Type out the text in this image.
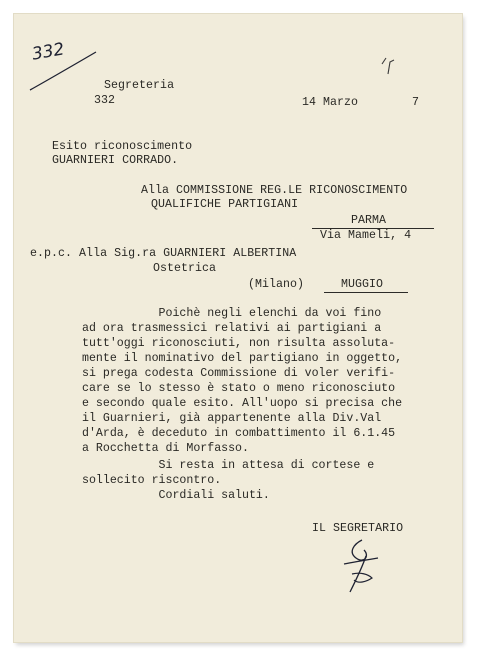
332
Segreteria
332	14 Marzo	7
Esito riconoscimento
GUARNIERI CORRADO.
Alla COMMISSIONE REG.LE RICONOSCIMENTO
QUALIFICHE PARTIGIANI
PARMA
Via Mameli, 4
e.p.c. Alla Sig.ra GUARNIERI ALBERTINA
Ostetrica
(Milano)	MUGGIO
Poichè negli elenchi da voi fino
ad ora trasmessici relativi ai partigiani a
tutt'oggi riconosciuti, non risulta assoluta-
mente il nominativo del partigiano in oggetto,
si prega codesta Commissione di voler verifi-
care se lo stesso è stato o meno riconosciuto
e secondo quale esito. All'uopo si precisa che
il Guarnieri, già appartenente alla Div.Val
d'Arda, è deceduto in combattimento il 6.1.45
a Rocchetta di Morfasso.
Si resta in attesa di cortese e
sollecito riscontro.
Cordiali saluti.
IL SEGRETARIO
